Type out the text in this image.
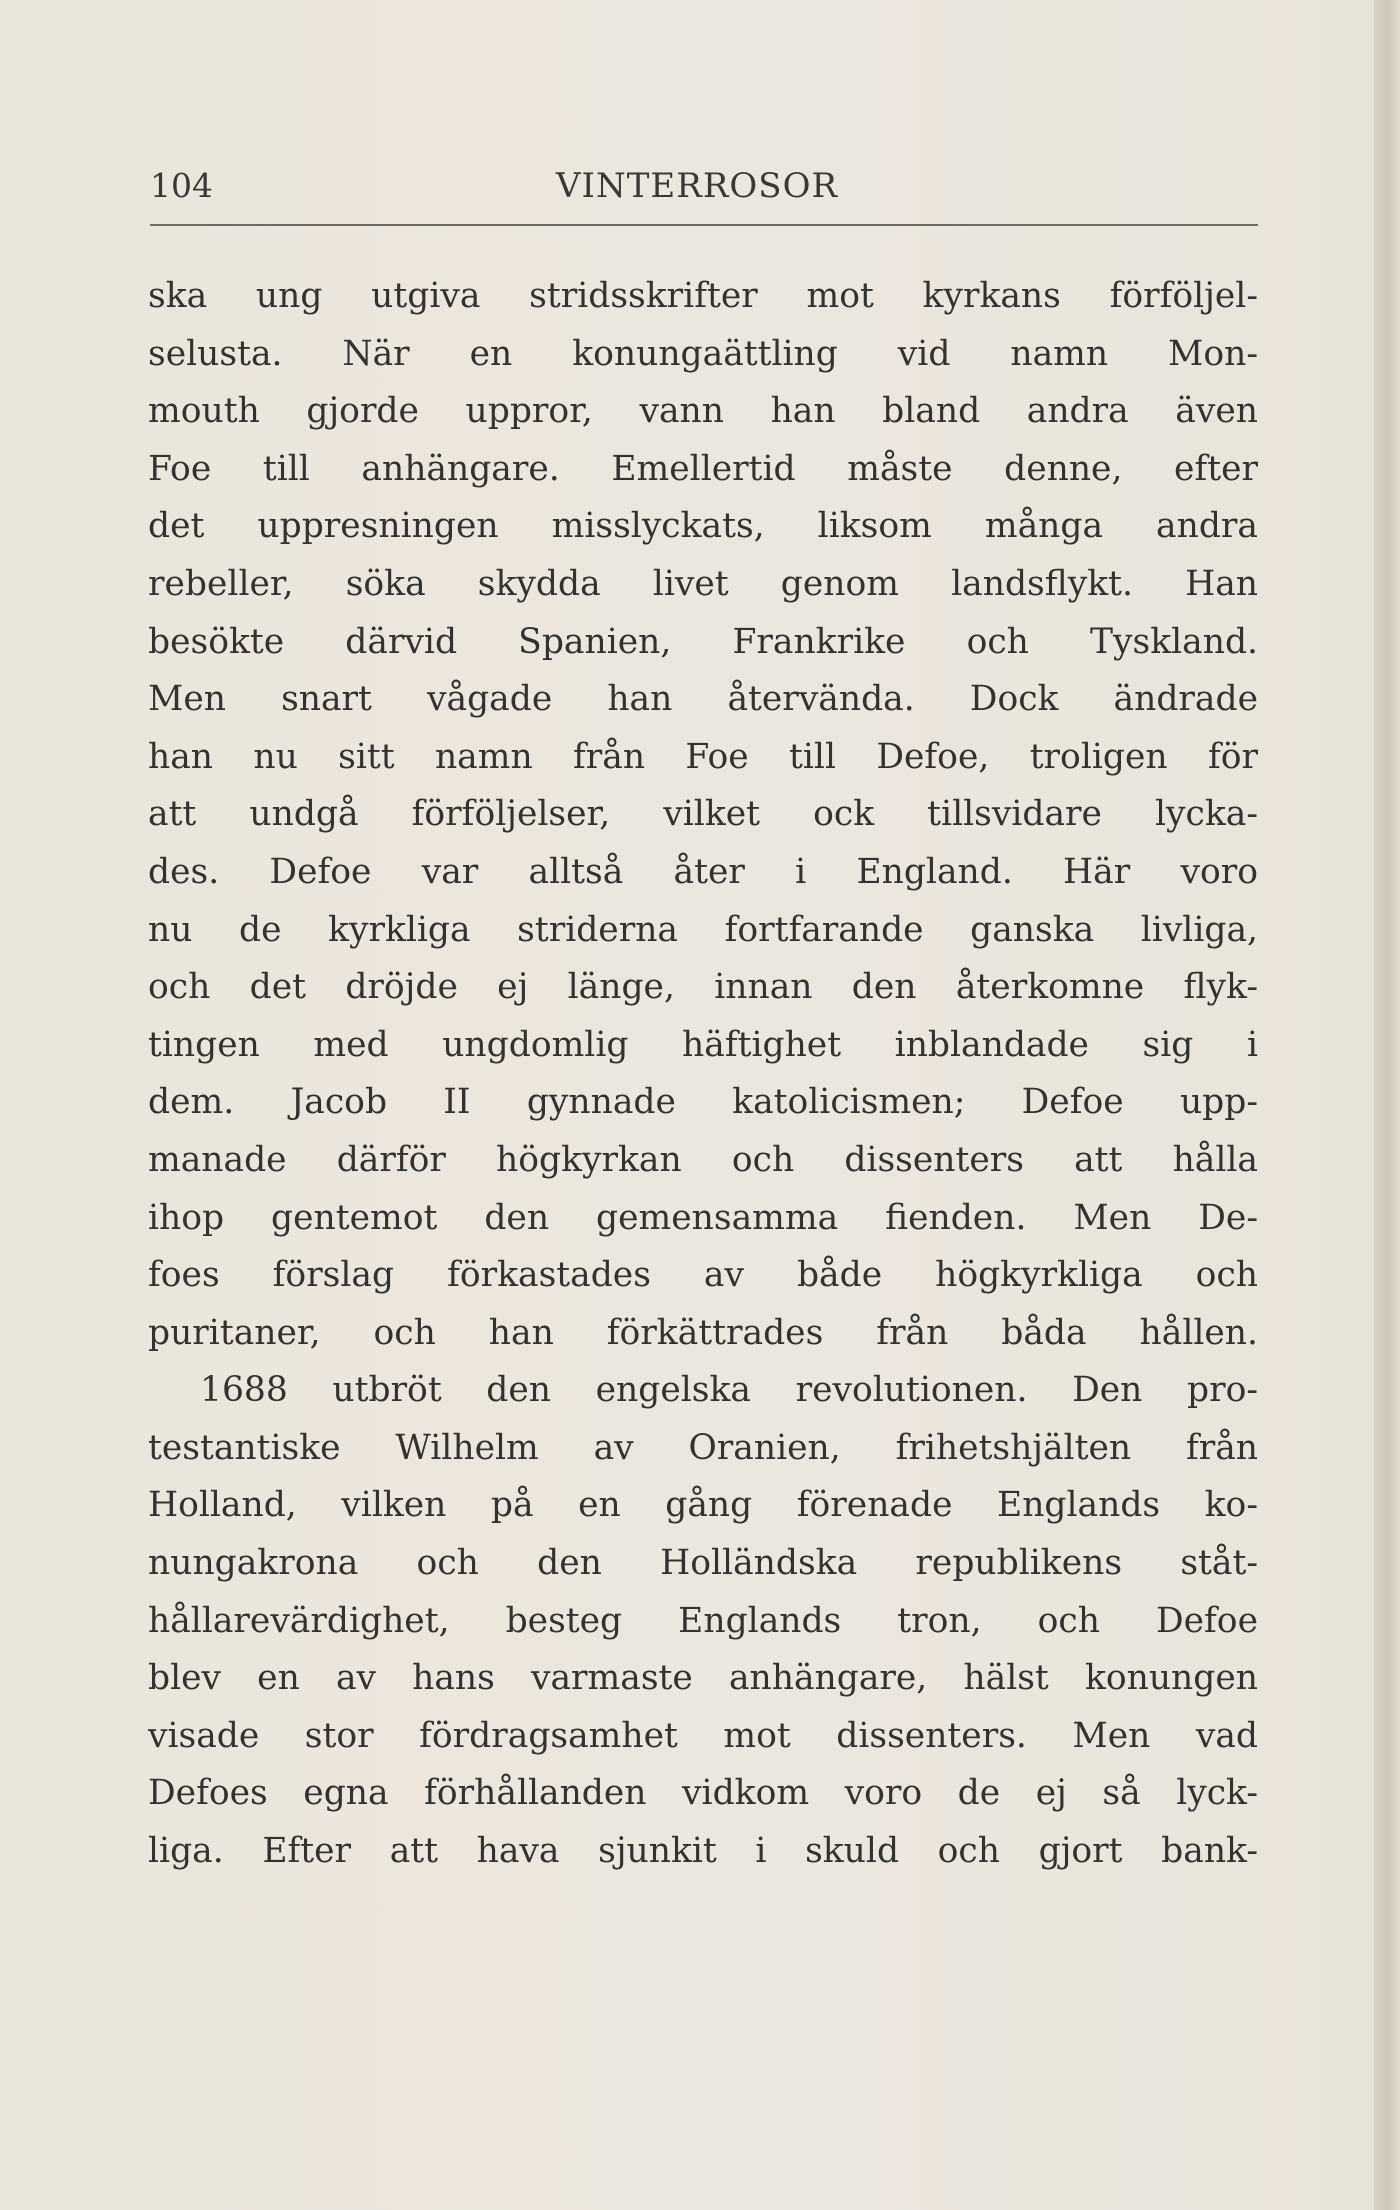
104	VINTERROSOR
ska ung utgiva stridsskrifter mot kyrkans förföljel-
selusta. När en konungaättling vid namn Mon-
mouth gjorde uppror, vann han bland andra även
Foe till anhängare. Emellertid måste denne, efter
det uppresningen misslyckats, liksom många andra
rebeller, söka skydda livet genom landsflykt. Han
besökte därvid Spanien, Frankrike och Tyskland.
Men snart vågade han återvända. Dock ändrade
han nu sitt namn från Foe till Defoe, troligen för
att undgå förföljelser, vilket ock tillsvidare lycka-
des. Defoe var alltså åter i England. Här voro
nu de kyrkliga striderna fortfarande ganska livliga,
och det dröjde ej länge, innan den återkomne flyk-
tingen med ungdomlig häftighet inblandade sig i
dem. Jacob II gynnade katolicismen; Defoe upp-
manade därför högkyrkan och dissenters att hålla
ihop gentemot den gemensamma fienden. Men De-
foes förslag förkastades av både högkyrkliga och
puritaner, och han förkättrades från båda hållen.
1688 utbröt den engelska revolutionen. Den pro-
testantiske Wilhelm av Oranien, frihetshjälten från
Holland, vilken på en gång förenade Englands ko-
nungakrona och den Holländska republikens ståt-
hållarevärdighet, besteg Englands tron, och Defoe
blev en av hans varmaste anhängare, hälst konungen
visade stor fördragsamhet mot dissenters. Men vad
Defoes egna förhållanden vidkom voro de ej så lyck-
liga. Efter att hava sjunkit i skuld och gjort bank-
